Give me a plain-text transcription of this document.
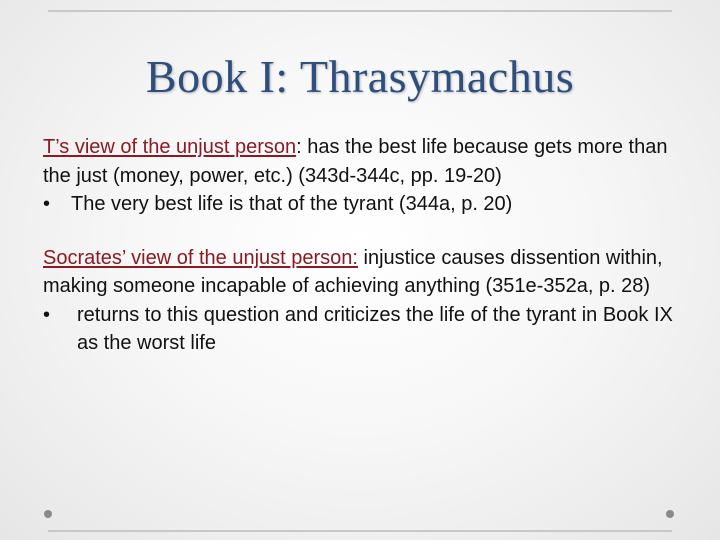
Book I: Thrasymachus

T’s view of the unjust person: has the best life because gets more than the just (money, power, etc.) (343d-344c, pp. 19-20)

•	The very best life is that of the tyrant (344a, p. 20)

Socrates’ view of the unjust person: injustice causes dissention within, making someone incapable of achieving anything (351e-352a, p. 28)

•	returns to this question and criticizes the life of the tyrant in Book IX as the worst life
